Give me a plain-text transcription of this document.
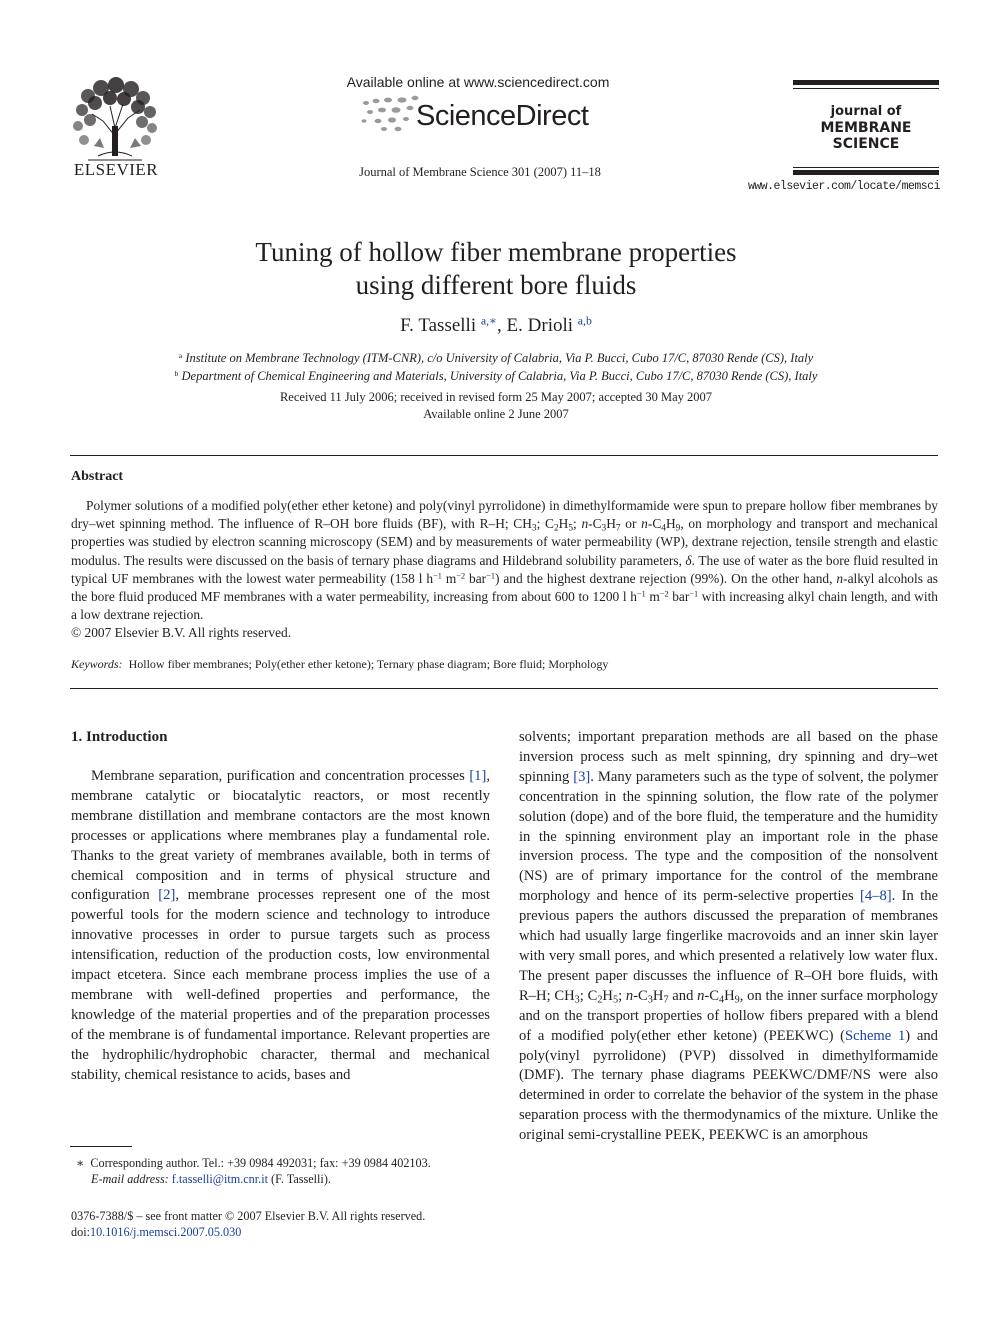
ELSEVIER
Available online at www.sciencedirect.com
ScienceDirect
Journal of Membrane Science 301 (2007) 11–18
journal of
MEMBRANE
SCIENCE
www.elsevier.com/locate/memsci
Tuning of hollow fiber membrane properties
using different bore fluids
F. Tasselli $^{a,∗}$, E. Drioli $^{a,b}$
$^a$ Institute on Membrane Technology (ITM-CNR), c/o University of Calabria, Via P. Bucci, Cubo 17/C, 87030 Rende (CS), Italy
$^b$ Department of Chemical Engineering and Materials, University of Calabria, Via P. Bucci, Cubo 17/C, 87030 Rende (CS), Italy
Received 11 July 2006; received in revised form 25 May 2007; accepted 30 May 2007
Available online 2 June 2007
Abstract

Polymer solutions of a modified poly(ether ether ketone) and poly(vinyl pyrrolidone) in dimethylformamide were spun to prepare hollow fiber membranes by dry–wet spinning method. The influence of R‒OH bore fluids (BF), with R‒H; $CH_3$; $C_2H_5$; $n-C_3H_7$ or $n-C_4H_9$, on morphology and transport and mechanical properties was studied by electron scanning microscopy (SEM) and by measurements of water permeability (WP), dextrane rejection, tensile strength and elastic modulus. The results were discussed on the basis of ternary phase diagrams and Hildebrand solubility parameters, δ. The use of water as the bore fluid resulted in typical UF membranes with the lowest water permeability (158 l $h^{-1}$ $m^{-2}$ bar$^{-1}$) and the highest dextrane rejection (99%). On the other hand, n-alkyl alcohols as the bore fluid produced MF membranes with a water permeability, increasing from about 600 to 1200 l $h^{-1}$ $m^{-2}$ bar$^{-1}$ with increasing alkyl chain length, and with a low dextrane rejection.

© 2007 Elsevier B.V. All rights reserved.
Keywords: Hollow fiber membranes; Poly(ether ether ketone); Ternary phase diagram; Bore fluid; Morphology
1. Introduction

Membrane separation, purification and concentration processes [1], membrane catalytic or biocatalytic reactors, or most recently membrane distillation and membrane contactors are the most known processes or applications where membranes play a fundamental role. Thanks to the great variety of membranes available, both in terms of chemical composition and in terms of physical structure and configuration [2], membrane processes represent one of the most powerful tools for the modern science and technology to introduce innovative processes in order to pursue targets such as process intensification, reduction of the production costs, low environmental impact etcetera. Since each membrane process implies the use of a membrane with well-defined properties and performance, the knowledge of the material properties and of the preparation processes of the membrane is of fundamental importance. Relevant properties are the hydrophilic/hydrophobic character, thermal and mechanical stability, chemical resistance to acids, bases and

solvents; important preparation methods are all based on the phase inversion process such as melt spinning, dry spinning and dry–wet spinning [3]. Many parameters such as the type of solvent, the polymer concentration in the spinning solution, the flow rate of the polymer solution (dope) and of the bore fluid, the temperature and the humidity in the spinning environment play an important role in the phase inversion process. The type and the composition of the nonsolvent (NS) are of primary importance for the control of the membrane morphology and hence of its perm-selective properties [4–8]. In the previous papers the authors discussed the preparation of membranes which had usually large fingerlike macrovoids and an inner skin layer with very small pores, and which presented a relatively low water flux. The present paper discusses the influence of R‒OH bore fluids, with R‒H; $CH_3$; $C_2H_5$; $n-C_3H_7$ and $n-C_4H_9$, on the inner surface morphology and on the transport properties of hollow fibers prepared with a blend of a modified poly(ether ether ketone) (PEEKWC) (Scheme 1) and poly(vinyl pyrrolidone) (PVP) dissolved in dimethylformamide (DMF). The ternary phase diagrams PEEKWC/DMF/NS were also determined in order to correlate the behavior of the system in the phase separation process with the thermodynamics of the mixture. Unlike the original semi-crystalline PEEK, PEEKWC is an amorphous

∗ Corresponding author. Tel.: +39 0984 492031; fax: +39 0984 402103.
E-mail address: f.tasselli@itm.cnr.it (F. Tasselli).
0376-7388/$ – see front matter © 2007 Elsevier B.V. All rights reserved.
doi:10.1016/j.memsci.2007.05.030
